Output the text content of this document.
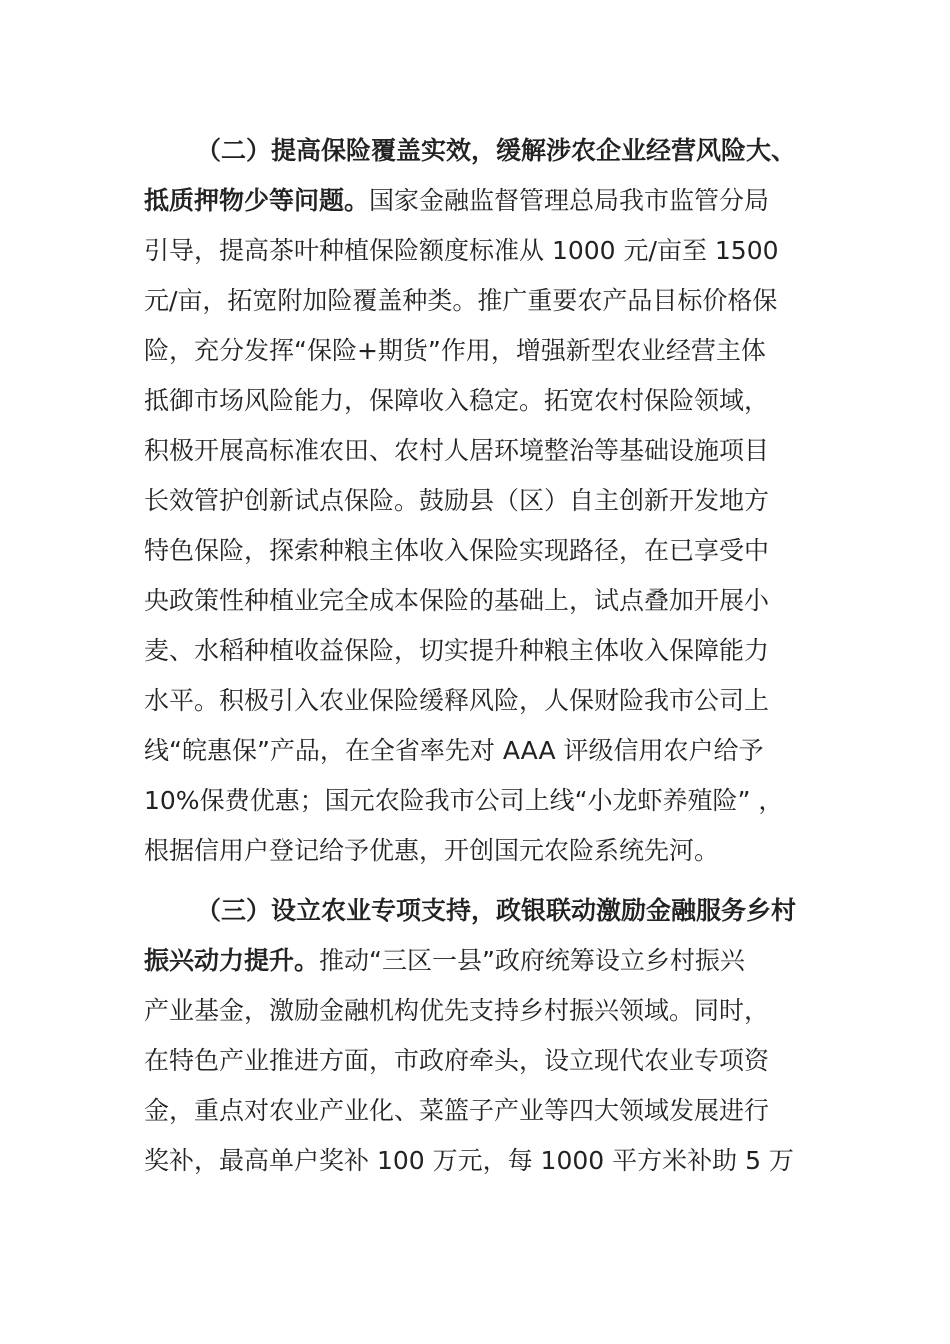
（二）提高保险覆盖实效，缓解涉农企业经营风险大、
抵质押物少等问题。国家金融监督管理总局我市监管分局
引导，提高茶叶种植保险额度标准从 1000 元/亩至 1500
元/亩，拓宽附加险覆盖种类。推广重要农产品目标价格保
险，充分发挥“保险+期货”作用，增强新型农业经营主体
抵御市场风险能力，保障收入稳定。拓宽农村保险领域，
积极开展高标准农田、农村人居环境整治等基础设施项目
长效管护创新试点保险。鼓励县（区）自主创新开发地方
特色保险，探索种粮主体收入保险实现路径，在已享受中
央政策性种植业完全成本保险的基础上，试点叠加开展小
麦、水稻种植收益保险，切实提升种粮主体收入保障能力
水平。积极引入农业保险缓释风险，人保财险我市公司上
线“皖惠保”产品，在全省率先对 AAA 评级信用农户给予
10%保费优惠；国元农险我市公司上线“小龙虾养殖险” ，
根据信用户登记给予优惠，开创国元农险系统先河。
（三）设立农业专项支持，政银联动激励金融服务乡村
振兴动力提升。推动“三区一县”政府统筹设立乡村振兴
产业基金，激励金融机构优先支持乡村振兴领域。同时，
在特色产业推进方面，市政府牵头，设立现代农业专项资
金，重点对农业产业化、菜篮子产业等四大领域发展进行
奖补，最高单户奖补 100 万元，每 1000 平方米补助 5 万
